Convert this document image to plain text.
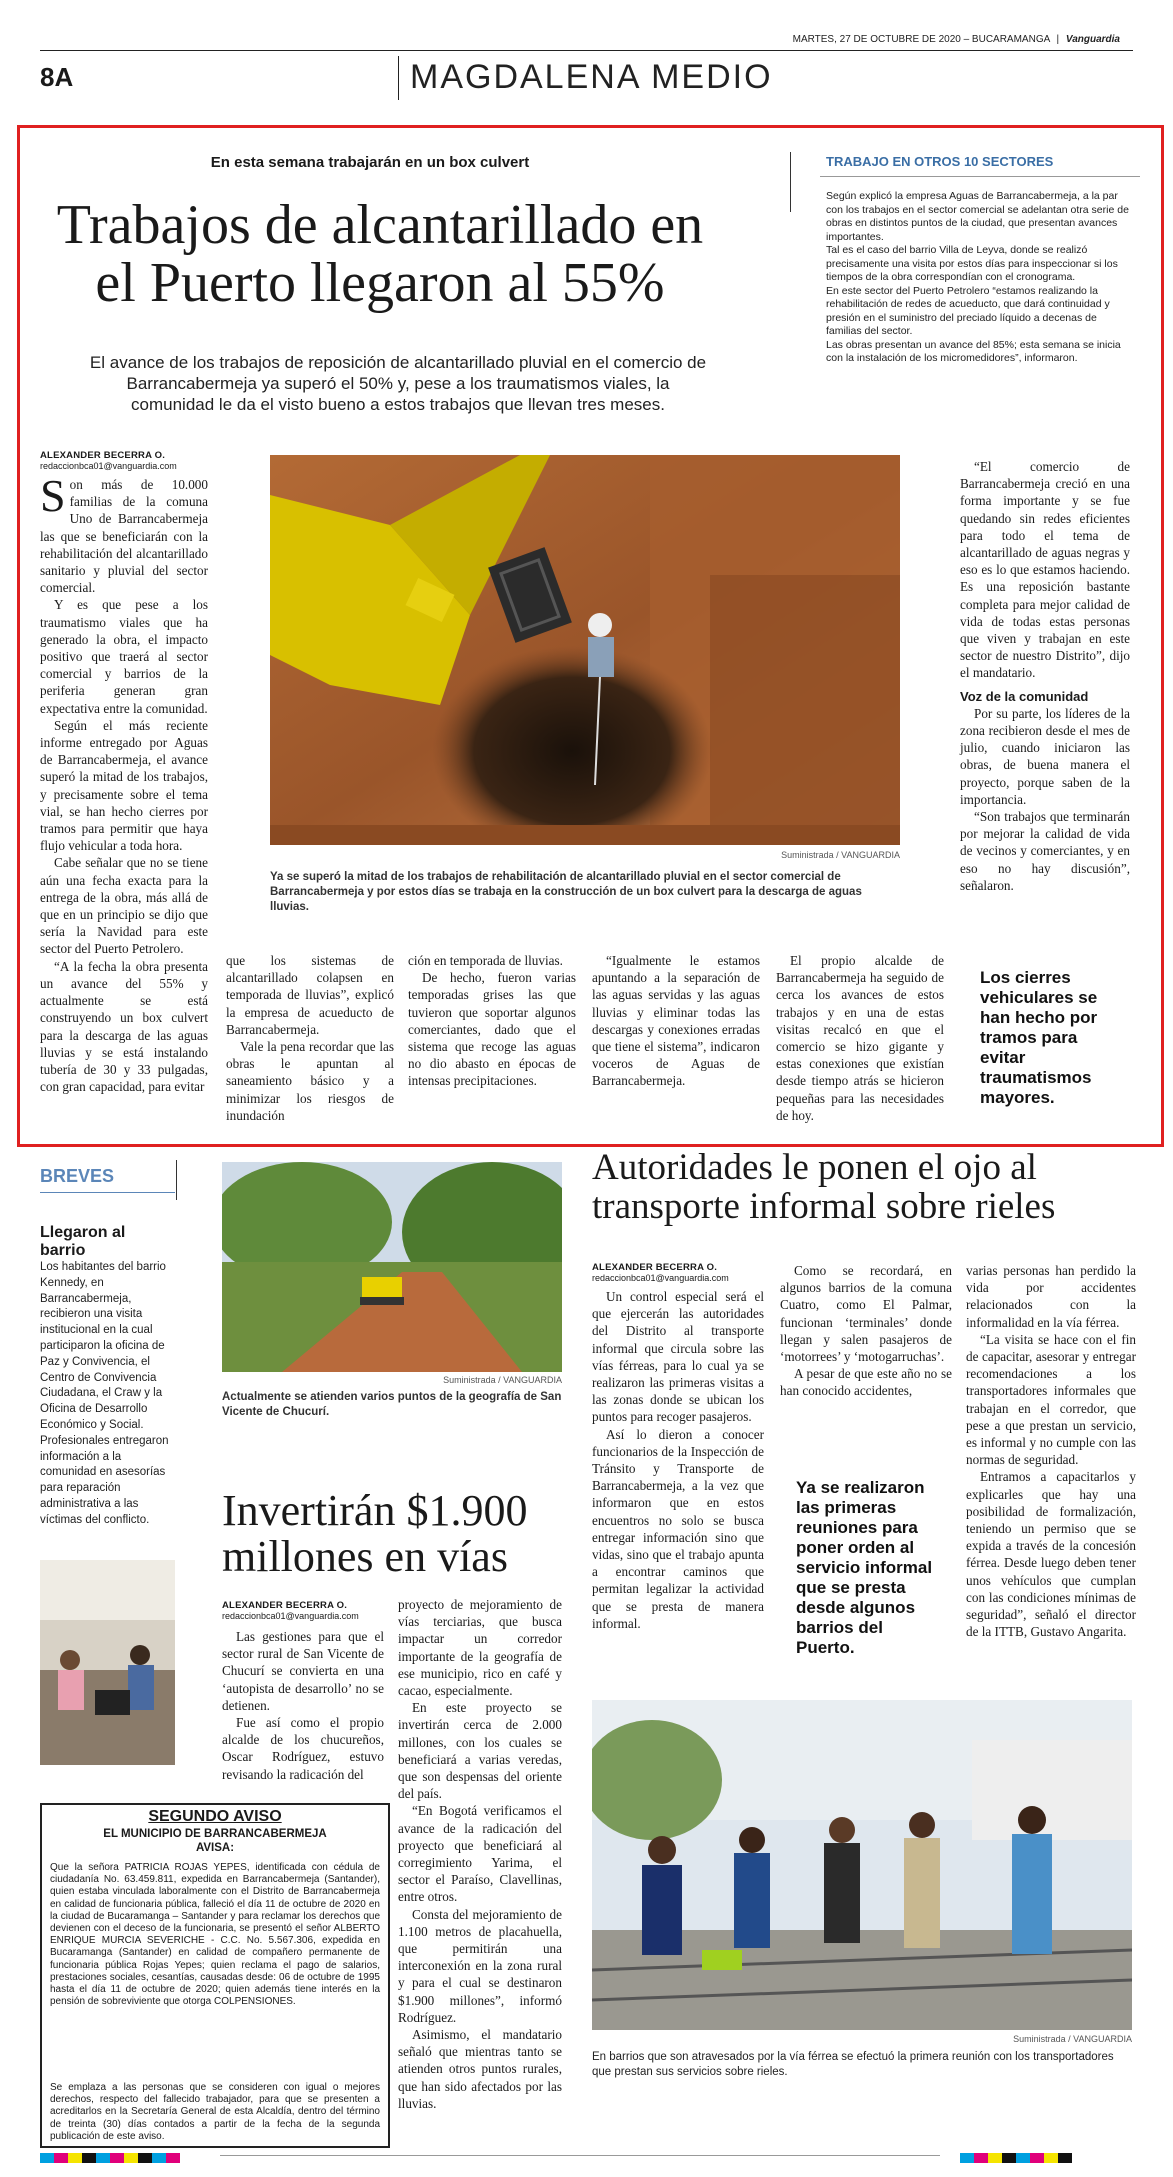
MARTES, 27 DE OCTUBRE DE 2020 – BUCARAMANGA | Vanguardia
8A	MAGDALENA MEDIO
En esta semana trabajarán en un box culvert
Trabajos de alcantarillado en
el Puerto llegaron al 55%
El avance de los trabajos de reposición de alcantarillado pluvial en el comercio de Barrancabermeja ya superó el 50% y, pese a los traumatismos viales, la comunidad le da el visto bueno a estos trabajos que llevan tres meses.
TRABAJO EN OTROS 10 SECTORES
Según explicó la empresa Aguas de Barrancabermeja, a la par con los trabajos en el sector comercial se adelantan otra serie de obras en distintos puntos de la ciudad, que presentan avances importantes.
Tal es el caso del barrio Villa de Leyva, donde se realizó precisamente una visita por estos días para inspeccionar si los tiempos de la obra correspondían con el cronograma.
En este sector del Puerto Petrolero “estamos realizando la rehabilitación de redes de acueducto, que dará continuidad y presión en el suministro del preciado líquido a decenas de familias del sector.
Las obras presentan un avance del 85%; esta semana se inicia con la instalación de los micromedidores”, informaron.
ALEXANDER BECERRA O.
redaccionbca01@vanguardia.com

Son más de 10.000 familias de la comuna Uno de Barrancabermeja las que se beneficiarán con la rehabilitación del alcantarillado sanitario y pluvial del sector comercial.

Y es que pese a los traumatismo viales que ha generado la obra, el impacto positivo que traerá al sector comercial y barrios de la periferia generan gran expectativa entre la comunidad.

Según el más reciente informe entregado por Aguas de Barrancabermeja, el avance superó la mitad de los trabajos, y precisamente sobre el tema vial, se han hecho cierres por tramos para permitir que haya flujo vehicular a toda hora.

Cabe señalar que no se tiene aún una fecha exacta para la entrega de la obra, más allá de que en un principio se dijo que sería la Navidad para este sector del Puerto Petrolero.

“A la fecha la obra presenta un avance del 55% y actualmente se está construyendo un box culvert para la descarga de las aguas lluvias y se está instalando tubería de 30 y 33 pulgadas, con gran capacidad, para evitar

Suministrada / VANGUARDIA
Ya se superó la mitad de los trabajos de rehabilitación de alcantarillado pluvial en el sector comercial de Barrancabermeja y por estos días se trabaja en la construcción de un box culvert para la descarga de aguas lluvias.

que los sistemas de alcantarillado colapsen en temporada de lluvias”, explicó la empresa de acueducto de Barrancabermeja.

Vale la pena recordar que las obras le apuntan al saneamiento básico y a minimizar los riesgos de inundación

ción en temporada de lluvias.

De hecho, fueron varias temporadas grises las que tuvieron que soportar algunos comerciantes, dado que el sistema que recoge las aguas no dio abasto en épocas de intensas precipitaciones.

“Igualmente le estamos apuntando a la separación de las aguas servidas y las aguas lluvias y eliminar todas las descargas y conexiones erradas que tiene el sistema”, indicaron voceros de Aguas de Barrancabermeja.

El propio alcalde de Barrancabermeja ha seguido de cerca los avances de estos trabajos y en una de estas visitas recalcó en que el comercio se hizo gigante y estas conexiones que existían desde tiempo atrás se hicieron pequeñas para las necesidades de hoy.

“El comercio de Barrancabermeja creció en una forma importante y se fue quedando sin redes eficientes para todo el tema de alcantarillado de aguas negras y eso es lo que estamos haciendo. Es una reposición bastante completa para mejor calidad de vida de todas estas personas que viven y trabajan en este sector de nuestro Distrito”, dijo el mandatario.

Voz de la comunidad

Por su parte, los líderes de la zona recibieron desde el mes de julio, cuando iniciaron las obras, de buena manera el proyecto, porque saben de la importancia.

“Son trabajos que terminarán por mejorar la calidad de vida de vecinos y comerciantes, y en eso no hay discusión”, señalaron.

Los cierres vehiculares se han hecho por tramos para evitar traumatismos mayores.
BREVES
Llegaron al barrio
Los habitantes del barrio Kennedy, en Barrancabermeja, recibieron una visita institucional en la cual participaron la oficina de Paz y Convivencia, el Centro de Convivencia Ciudadana, el Craw y la Oficina de Desarrollo Económico y Social. Profesionales entregaron información a la comunidad en asesorías para reparación administrativa a las víctimas del conflicto.
SEGUNDO AVISO
EL MUNICIPIO DE BARRANCABERMEJA
AVISA:
Que la señora PATRICIA ROJAS YEPES, identificada con cédula de ciudadanía No. 63.459.811, expedida en Barrancabermeja (Santander), quien estaba vinculada laboralmente con el Distrito de Barrancabermeja en calidad de funcionaria pública, falleció el día 11 de octubre de 2020 en la ciudad de Bucaramanga – Santander y para reclamar los derechos que devienen con el deceso de la funcionaria, se presentó el señor ALBERTO ENRIQUE MURCIA SEVERICHE - C.C. No. 5.567.306, expedida en Bucaramanga (Santander) en calidad de compañero permanente de funcionaria pública Rojas Yepes; quien reclama el pago de salarios, prestaciones sociales, cesantías, causadas desde: 06 de octubre de 1995 hasta el día 11 de octubre de 2020; quien además tiene interés en la pensión de sobreviviente que otorga COLPENSIONES.
Se emplaza a las personas que se consideren con igual o mejores derechos, respecto del fallecido trabajador, para que se presenten a acreditarlos en la Secretaría General de esta Alcaldía, dentro del término de treinta (30) días contados a partir de la fecha de la segunda publicación de este aviso.
Suministrada / VANGUARDIA
Actualmente se atienden varios puntos de la geografía de San Vicente de Chucurí.
Invertirán $1.900
millones en vías
ALEXANDER BECERRA O.
redaccionbca01@vanguardia.com

Las gestiones para que el sector rural de San Vicente de Chucurí se convierta en una ‘autopista de desarrollo’ no se detienen.

Fue así como el propio alcalde de los chucureños, Oscar Rodríguez, estuvo revisando la radicación del

proyecto de mejoramiento de vías terciarias, que busca impactar un corredor importante de la geografía de ese municipio, rico en café y cacao, especialmente.

En este proyecto se invertirán cerca de 2.000 millones, con los cuales se beneficiará a varias veredas, que son despensas del oriente del país.

“En Bogotá verificamos el avance de la radicación del proyecto que beneficiará al corregimiento Yarima, el sector el Paraíso, Clavellinas, entre otros.

Consta del mejoramiento de 1.100 metros de placahuella, que permitirán una interconexión en la zona rural y para el cual se destinaron $1.900 millones”, informó Rodríguez.

Asimismo, el mandatario señaló que mientras tanto se atienden otros puntos rurales, que han sido afectados por las lluvias.

Autoridades le ponen el ojo al
transporte informal sobre rieles
ALEXANDER BECERRA O.
redaccionbca01@vanguardia.com

Un control especial será el que ejercerán las autoridades del Distrito al transporte informal que circula sobre las vías férreas, para lo cual ya se realizaron las primeras visitas a las zonas donde se ubican los puntos para recoger pasajeros.

Así lo dieron a conocer funcionarios de la Inspección de Tránsito y Transporte de Barrancabermeja, a la vez que informaron que en estos encuentros no solo se busca entregar información sino que vidas, sino que el trabajo apunta a encontrar caminos que permitan legalizar la actividad que se presta de manera informal.

Como se recordará, en algunos barrios de la comuna Cuatro, como El Palmar, funcionan ‘terminales’ donde llegan y salen pasajeros de ‘motorrees’ y ‘motogarruchas’.

A pesar de que este año no se han conocido accidentes,

Ya se realizaron las primeras reuniones para poner orden al servicio informal que se presta desde algunos barrios del Puerto.

varias personas han perdido la vida por accidentes relacionados con la informalidad en la vía férrea.

“La visita se hace con el fin de capacitar, asesorar y entregar recomendaciones a los transportadores informales que trabajan en el corredor, que pese a que prestan un servicio, es informal y no cumple con las normas de seguridad.

Entramos a capacitarlos y explicarles que hay una posibilidad de formalización, teniendo un permiso que se expida a través de la concesión férrea. Desde luego deben tener unos vehículos que cumplan con las condiciones mínimas de seguridad”, señaló el director de la ITTB, Gustavo Angarita.

Suministrada / VANGUARDIA
En barrios que son atravesados por la vía férrea se efectuó la primera reunión con los transportadores que prestan sus servicios sobre rieles.
